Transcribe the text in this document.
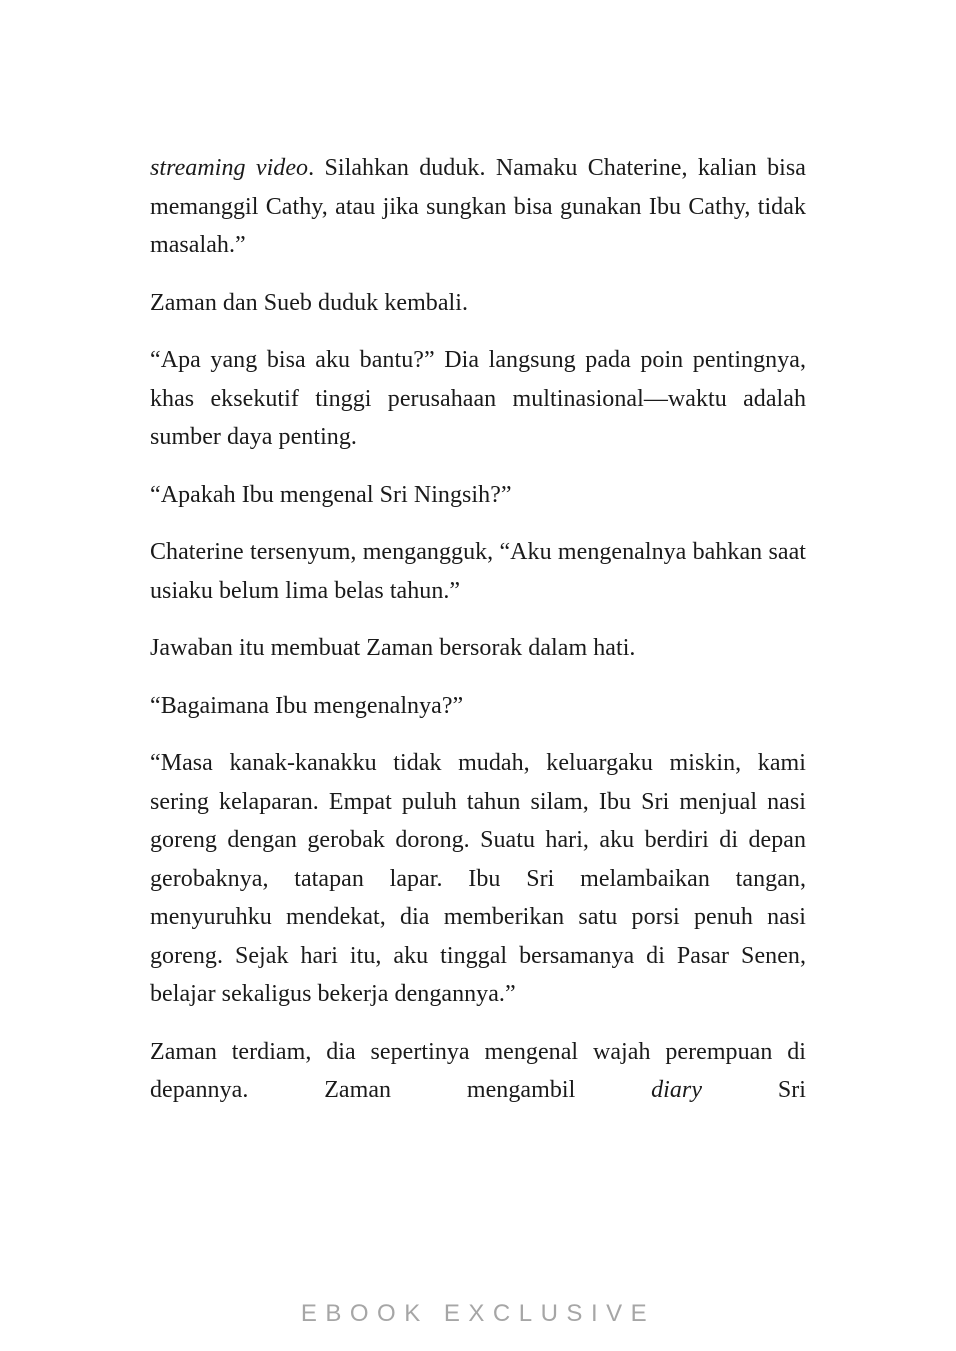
streaming video. Silahkan duduk. Namaku Chaterine, kalian bisa memanggil Cathy, atau jika sungkan bisa gunakan Ibu Cathy, tidak masalah.”

Zaman dan Sueb duduk kembali.

“Apa yang bisa aku bantu?” Dia langsung pada poin pentingnya, khas eksekutif tinggi perusahaan multinasional—waktu adalah sumber daya penting.

“Apakah Ibu mengenal Sri Ningsih?”

Chaterine tersenyum, mengangguk, “Aku mengenalnya bahkan saat usiaku belum lima belas tahun.”

Jawaban itu membuat Zaman bersorak dalam hati.

“Bagaimana Ibu mengenalnya?”

“Masa kanak-kanakku tidak mudah, keluargaku miskin, kami sering kelaparan. Empat puluh tahun silam, Ibu Sri menjual nasi goreng dengan gerobak dorong. Suatu hari, aku berdiri di depan gerobaknya, tatapan lapar. Ibu Sri melambaikan tangan, menyuruhku mendekat, dia memberikan satu porsi penuh nasi goreng. Sejak hari itu, aku tinggal bersamanya di Pasar Senen, belajar sekaligus bekerja dengannya.”

Zaman terdiam, dia sepertinya mengenal wajah perempuan di depannya. Zaman mengambil diary Sri

EBOOK EXCLUSIVE
